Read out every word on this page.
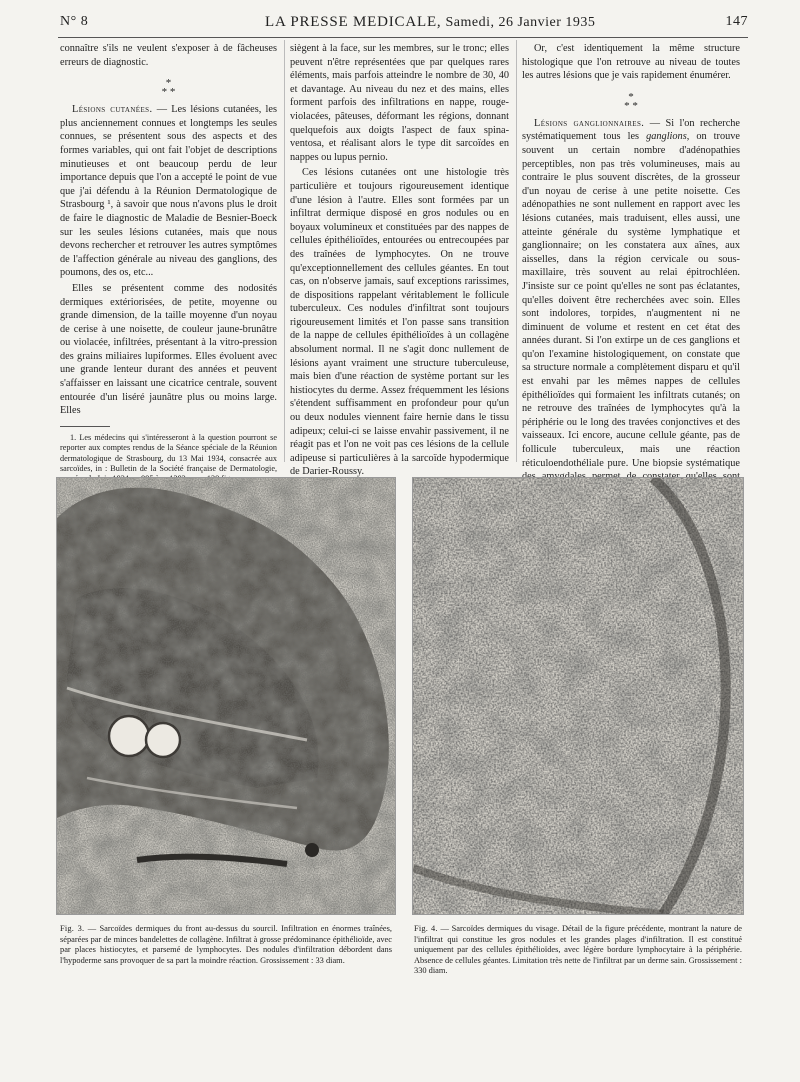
N° 8	LA PRESSE MEDICALE, Samedi, 26 Janvier 1935	147

connaître s'ils ne veulent s'exposer à de fâcheuses erreurs de diagnostic.

*
* *

Lésions cutanées. — Les lésions cutanées, les plus anciennement connues et longtemps les seules connues, se présentent sous des aspects et des formes variables, qui ont fait l'objet de descriptions minutieuses et ont beaucoup perdu de leur importance depuis que l'on a accepté le point de vue que j'ai défendu à la Réunion Dermatologique de Strasbourg ¹, à savoir que nous n'avons plus le droit de faire le diagnostic de Maladie de Besnier-Boeck sur les seules lésions cutanées, mais que nous devons rechercher et retrouver les autres symptômes de l'affection générale au niveau des ganglions, des poumons, des os, etc...

Elles se présentent comme des nodosités dermiques extériorisées, de petite, moyenne ou grande dimension, de la taille moyenne d'un noyau de cerise à une noisette, de couleur jaune-brunâtre ou violacée, infiltrées, présentant à la vitro-pression des grains miliaires lupiformes. Elles évoluent avec une grande lenteur durant des années et peuvent s'affaisser en laissant une cicatrice centrale, souvent entourée d'un liséré jaunâtre plus ou moins large. Elles

1. Les médecins qui s'intéresseront à la question pourront se reporter aux comptes rendus de la Séance spéciale de la Réunion dermatologique de Strasbourg, du 13 Mai 1934, consacrée aux sarcoïdes, in : Bulletin de la Société française de Dermatologie,

siègent à la face, sur les membres, sur le tronc; elles peuvent n'être représentées que par quelques rares éléments, mais parfois atteindre le nombre de 30, 40 et davantage. Au niveau du nez et des mains, elles forment parfois des infiltrations en nappe, rouge-violacées, pâteuses, déformant les régions, donnant quelquefois aux doigts l'aspect de faux spina-ventosa, et réalisant alors le type dit sarcoïdes en nappes ou lupus pernio.

Ces lésions cutanées ont une histologie très particulière et toujours rigoureusement identique d'une lésion à l'autre. Elles sont formées par un infiltrat dermique disposé en gros nodules ou en boyaux volumineux et constituées par des nappes de cellules épithélioïdes, entourées ou entrecoupées par des traînées de lymphocytes. On ne trouve qu'exceptionnellement des cellules géantes. En tout cas, on n'observe jamais, sauf exceptions rarissimes, de dispositions rappelant véritablement le follicule tuberculeux. Ces nodules d'infiltrat sont toujours rigoureusement limités et l'on passe sans transition de la nappe de cellules épithélioïdes à un collagène absolument normal. Il ne s'agit donc nullement de lésions ayant vraiment une structure tuberculeuse, mais bien d'une réaction de système portant sur les histiocytes du derme. Assez fréquemment les lésions s'étendent suffisamment en profondeur pour qu'un ou deux nodules viennent faire hernie dans le tissu adipeux; celui-ci se laisse envahir passivement, il ne réagit pas et l'on ne voit pas ces lésions de la cellule adipeuse si particulières à la sarcoïde hypodermique de Darier-Roussy.

Or, c'est identiquement la même structure histologique que l'on retrouve au niveau de toutes les autres lésions que je vais rapidement énumérer.

*
* *

Lésions ganglionnaires. — Si l'on recherche systématiquement tous les ganglions, on trouve souvent un certain nombre d'adénopathies perceptibles, non pas très volumineuses, mais au contraire le plus souvent discrètes, de la grosseur d'un noyau de cerise à une petite noisette. Ces adénopathies ne sont nullement en rapport avec les lésions cutanées, mais traduisent, elles aussi, une atteinte générale du système lymphatique et ganglionnaire; on les constatera aux aînes, aux aisselles, dans la région cervicale ou sous-maxillaire, très souvent au relai épitrochléen. J'insiste sur ce point qu'elles ne sont pas éclatantes, qu'elles doivent être recherchées avec soin. Elles sont indolores, torpides, n'augmentent ni ne diminuent de volume et restent en cet état des années durant. Si l'on extirpe un de ces ganglions et qu'on l'examine histologiquement, on constate que sa structure normale a complètement disparu et qu'il est envahi par les mêmes nappes de cellules épithélioïdes qui formaient les infiltrats cutanés; on ne retrouve des traînées de lymphocytes qu'à la périphérie ou le long des travées conjonctives et des vaisseaux. Ici encore, aucune cellule géante, pas de follicule tuberculeux, mais une réaction réticuloendothéliale pure. Une biopsie systématique

Fig. 3. — Sarcoïdes dermiques du front au-dessus du sourcil. Infiltration en énormes traînées, séparées par de minces bandelettes de collagène. Infiltrat à grosse prédominance épithélioïde, avec par places histiocytes, et parsemé de lymphocytes. Des nodules d'infiltration débordent dans l'hypoderme sans provoquer de sa part la moindre réaction. Grossissement : 33 diam.
Fig. 4. — Sarcoïdes dermiques du visage. Détail de la figure précédente, montrant la nature de l'infiltrat qui constitue les gros nodules et les grandes plages d'infiltration. Il est constitué uniquement par des cellules épithélioïdes, avec légère bordure lymphocytaire à la périphérie. Absence de cellules géantes. Limitation très nette de l'infiltrat par un derme sain. Grossissement : 330 diam.
